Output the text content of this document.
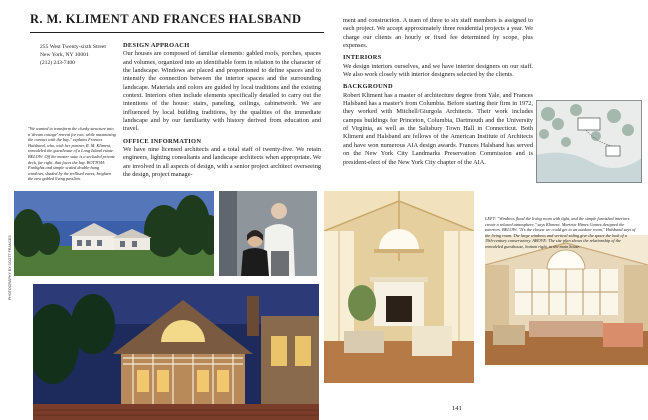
R. M. KLIMENT AND FRANCES HALSBAND
255 West Twenty-sixth Street
New York, NY 10001
(212) 243-7400
"We wanted to transform the clunky structure into a 'dream cottage' retreat for two, while maximizing the contact with the bay," explains Frances Halsband, who, with her partner, R. M. Kliment, remodeled the guesthouse of a Long Island estate. BELOW: Off the master suite is a secluded private deck, far right, that faces the bay. BOTTOM: Fanlights and simple scaled double-hung windows, shaded by the trellised eaves, brighten the new gabled living pavilion.

DESIGN APPROACH

Our houses are composed of familiar elements: gabled roofs, porches, spaces and volumes, organized into an identifiable form in relation to the character of the landscape. Windows are placed and proportioned to define spaces and to intensify the connection between the interior spaces and the surrounding landscape. Materials and colors are guided by local traditions and the existing context. Interiors often include elements specifically detailed to carry out the intentions of the house: stairs, paneling, ceilings, cabinetwork. We are influenced by local building traditions, by the qualities of the immediate landscape and by our familiarity with history derived from education and travel.

OFFICE INFORMATION

We have nine licensed architects and a total staff of twenty-five. We retain engineers, lighting consultants and landscape architects when appropriate. We are involved in all aspects of design, with a senior project architect overseeing the design, project manage-

ment and construction. A team of three to six staff members is assigned to each project. We accept approximately three residential projects a year. We charge our clients an hourly or fixed fee determined by scope, plus expenses.

INTERIORS

We design interiors ourselves, and we have interior designers on our staff. We also work closely with interior designers selected by the clients.

BACKGROUND

Robert Kliment has a master of architecture degree from Yale, and Frances Halsband has a master's from Columbia. Before starting their firm in 1972, they worked with Mitchell/Giurgola Architects. Their work includes campus buildings for Princeton, Columbia, Dartmouth and the University of Virginia, as well as the Salisbury Town Hall in Connecticut. Both Kliment and Halsband are fellows of the American Institute of Architects and have won numerous AIA design awards. Frances Halsband has served on the New York City Landmarks Preservation Commission and is president-elect of the New York City chapter of the AIA.

LEFT: "Windows flood the living room with light, and the simple furnished interiors create a relaxed atmosphere," says Kliment. Mariette Himes Gomez designed the interiors. BELOW: "It's the closest we could get to an outdoor room," Halsband says of the living room. The large windows and vertical siding give the space the look of a 19th-century conservatory. ABOVE: The site plan shows the relationship of the remodeled guesthouse, bottom right, to the main house.
141
PHOTOGRAPHY BY SCOTT FRANCES
